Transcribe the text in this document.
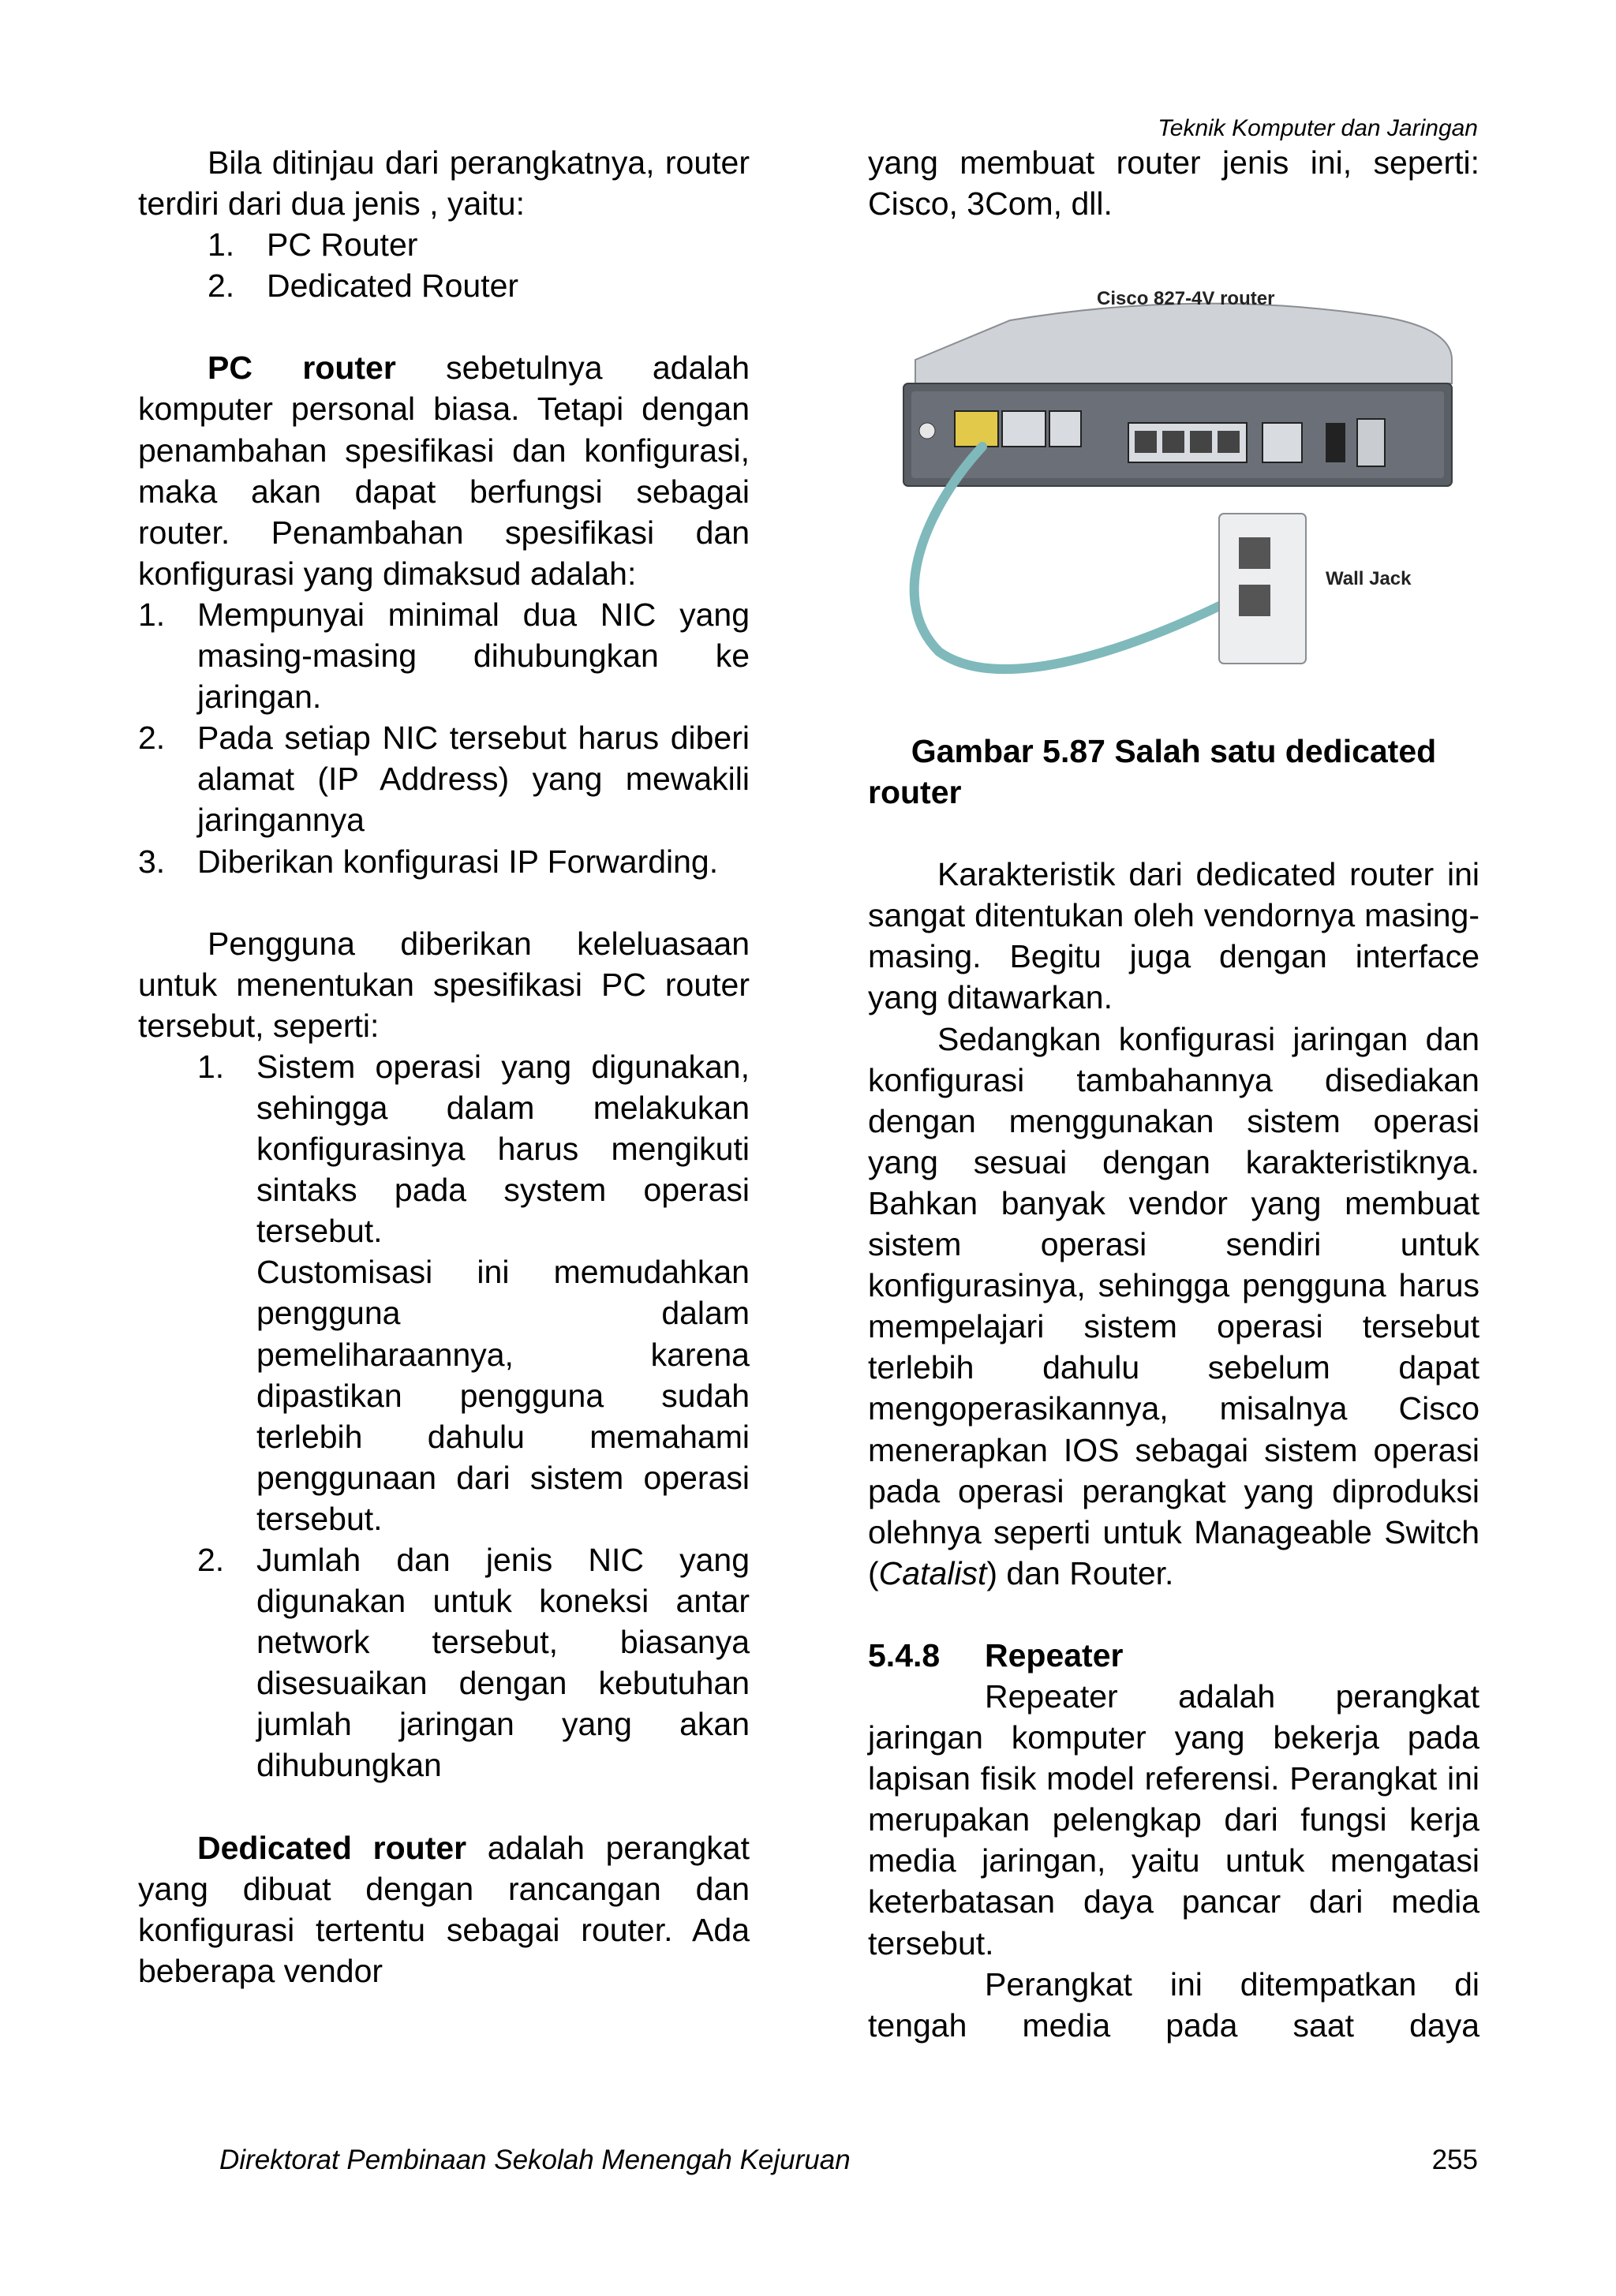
Teknik Komputer dan Jaringan

Bila ditinjau dari perangkatnya, router terdiri dari dua jenis , yaitu:

1. PC Router
2. Dedicated Router

PC router sebetulnya adalah komputer personal biasa. Tetapi dengan penambahan spesifikasi dan konfigurasi, maka akan dapat berfungsi sebagai router. Penambahan spesifikasi dan konfigurasi yang dimaksud adalah:

1. Mempunyai minimal dua NIC yang masing-masing dihubungkan ke jaringan.
2. Pada setiap NIC tersebut harus diberi alamat (IP Address) yang mewakili jaringannya
3. Diberikan konfigurasi IP Forwarding.

Pengguna diberikan keleluasaan untuk menentukan spesifikasi PC router tersebut, seperti:

1. Sistem operasi yang digunakan, sehingga dalam melakukan konfigurasinya harus mengikuti sintaks pada system operasi tersebut.
Customisasi ini memudahkan pengguna dalam pemeliharaannya, karena dipastikan pengguna sudah terlebih dahulu memahami penggunaan dari sistem operasi tersebut.
2. Jumlah dan jenis NIC yang digunakan untuk koneksi antar network tersebut, biasanya disesuaikan dengan kebutuhan jumlah jaringan yang akan dihubungkan

Dedicated router adalah perangkat yang dibuat dengan rancangan dan konfigurasi tertentu sebagai router. Ada beberapa vendor

yang membuat router jenis ini, seperti: Cisco, 3Com, dll.

Cisco 827-4V router
Wall Jack

Gambar 5.87 Salah satu dedicated router

Karakteristik dari dedicated router ini sangat ditentukan oleh vendornya masing-masing. Begitu juga dengan interface yang ditawarkan.

Sedangkan konfigurasi jaringan dan konfigurasi tambahannya disediakan dengan menggunakan sistem operasi yang sesuai dengan karakteristiknya. Bahkan banyak vendor yang membuat sistem operasi sendiri untuk konfigurasinya, sehingga pengguna harus mempelajari sistem operasi tersebut terlebih dahulu sebelum dapat mengoperasikannya, misalnya Cisco menerapkan IOS sebagai sistem operasi pada operasi perangkat yang diproduksi olehnya seperti untuk Manageable Switch (Catalist) dan Router.

5.4.8 Repeater

Repeater adalah perangkat jaringan komputer yang bekerja pada lapisan fisik model referensi. Perangkat ini merupakan pelengkap dari fungsi kerja media jaringan, yaitu untuk mengatasi keterbatasan daya pancar dari media tersebut.

Perangkat ini ditempatkan di tengah media pada saat daya

Direktorat Pembinaan Sekolah Menengah Kejuruan	255
